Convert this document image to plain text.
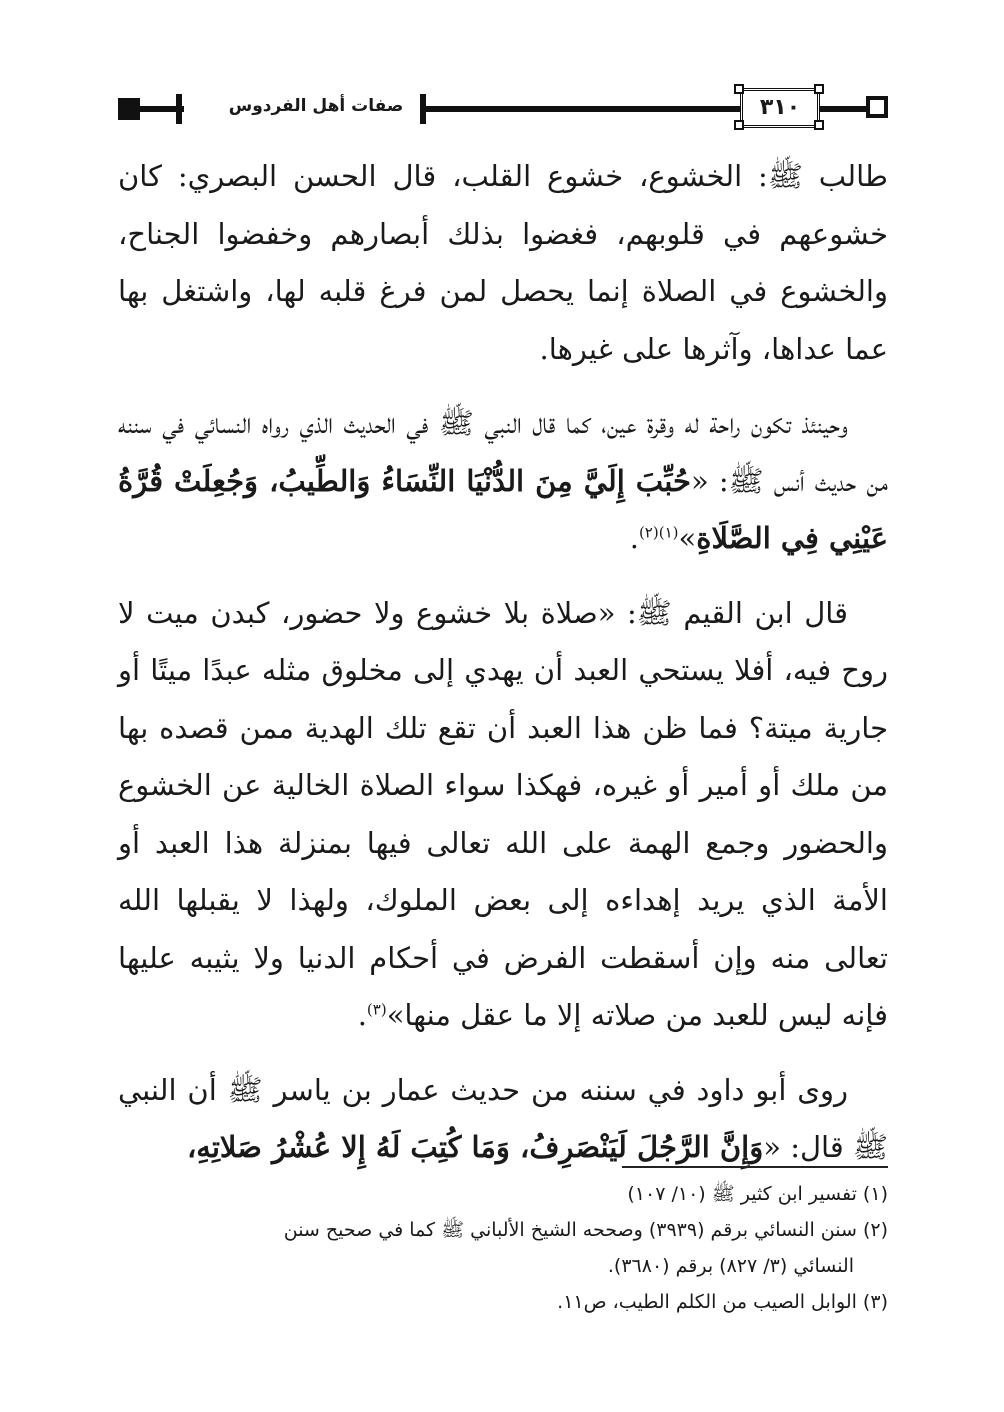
صفات أهل الفردوس	٣١٠

طالب ﷺ: الخشوع، خشوع القلب، قال الحسن البصري: كان خشوعهم في قلوبهم، فغضوا بذلك أبصارهم وخفضوا الجناح، والخشوع في الصلاة إنما يحصل لمن فرغ قلبه لها، واشتغل بها عما عداها، وآثرها على غيرها.

وحينئذ تكون راحة له وقرة عين، كما قال النبي ﷺ في الحديث الذي رواه النسائي في سننه من حديث أنس ﷺ: «حُبِّبَ إِلَيَّ مِنَ الدُّنْيَا النِّسَاءُ وَالطِّيبُ، وَجُعِلَتْ قُرَّةُ عَيْنِي فِي الصَّلَاةِ»$^{(١)(٢)}$.

قال ابن القيم ﷺ: «صلاة بلا خشوع ولا حضور، كبدن ميت لا روح فيه، أفلا يستحي العبد أن يهدي إلى مخلوق مثله عبدًا ميتًا أو جارية ميتة؟ فما ظن هذا العبد أن تقع تلك الهدية ممن قصده بها من ملك أو أمير أو غيره، فهكذا سواء الصلاة الخالية عن الخشوع والحضور وجمع الهمة على الله تعالى فيها بمنزلة هذا العبد أو الأمة الذي يريد إهداءه إلى بعض الملوك، ولهذا لا يقبلها الله تعالى منه وإن أسقطت الفرض في أحكام الدنيا ولا يثيبه عليها فإنه ليس للعبد من صلاته إلا ما عقل منها»$^{(٣)}$.

روى أبو داود في سننه من حديث عمار بن ياسر ﷺ أن النبي ﷺ قال: «وَإِنَّ الرَّجُلَ لَيَنْصَرِفُ، وَمَا كُتِبَ لَهُ إِلا عُشْرُ صَلاتِهِ،

(١) تفسير ابن كثير ﷺ (١٠/ ١٠٧)

(٢) سنن النسائي برقم (٣٩٣٩) وصححه الشيخ الألباني ﷺ كما في صحيح سنن

النسائي (٣/ ٨٢٧) برقم (٣٦٨٠).

(٣) الوابل الصيب من الكلم الطيب، ص١١.
